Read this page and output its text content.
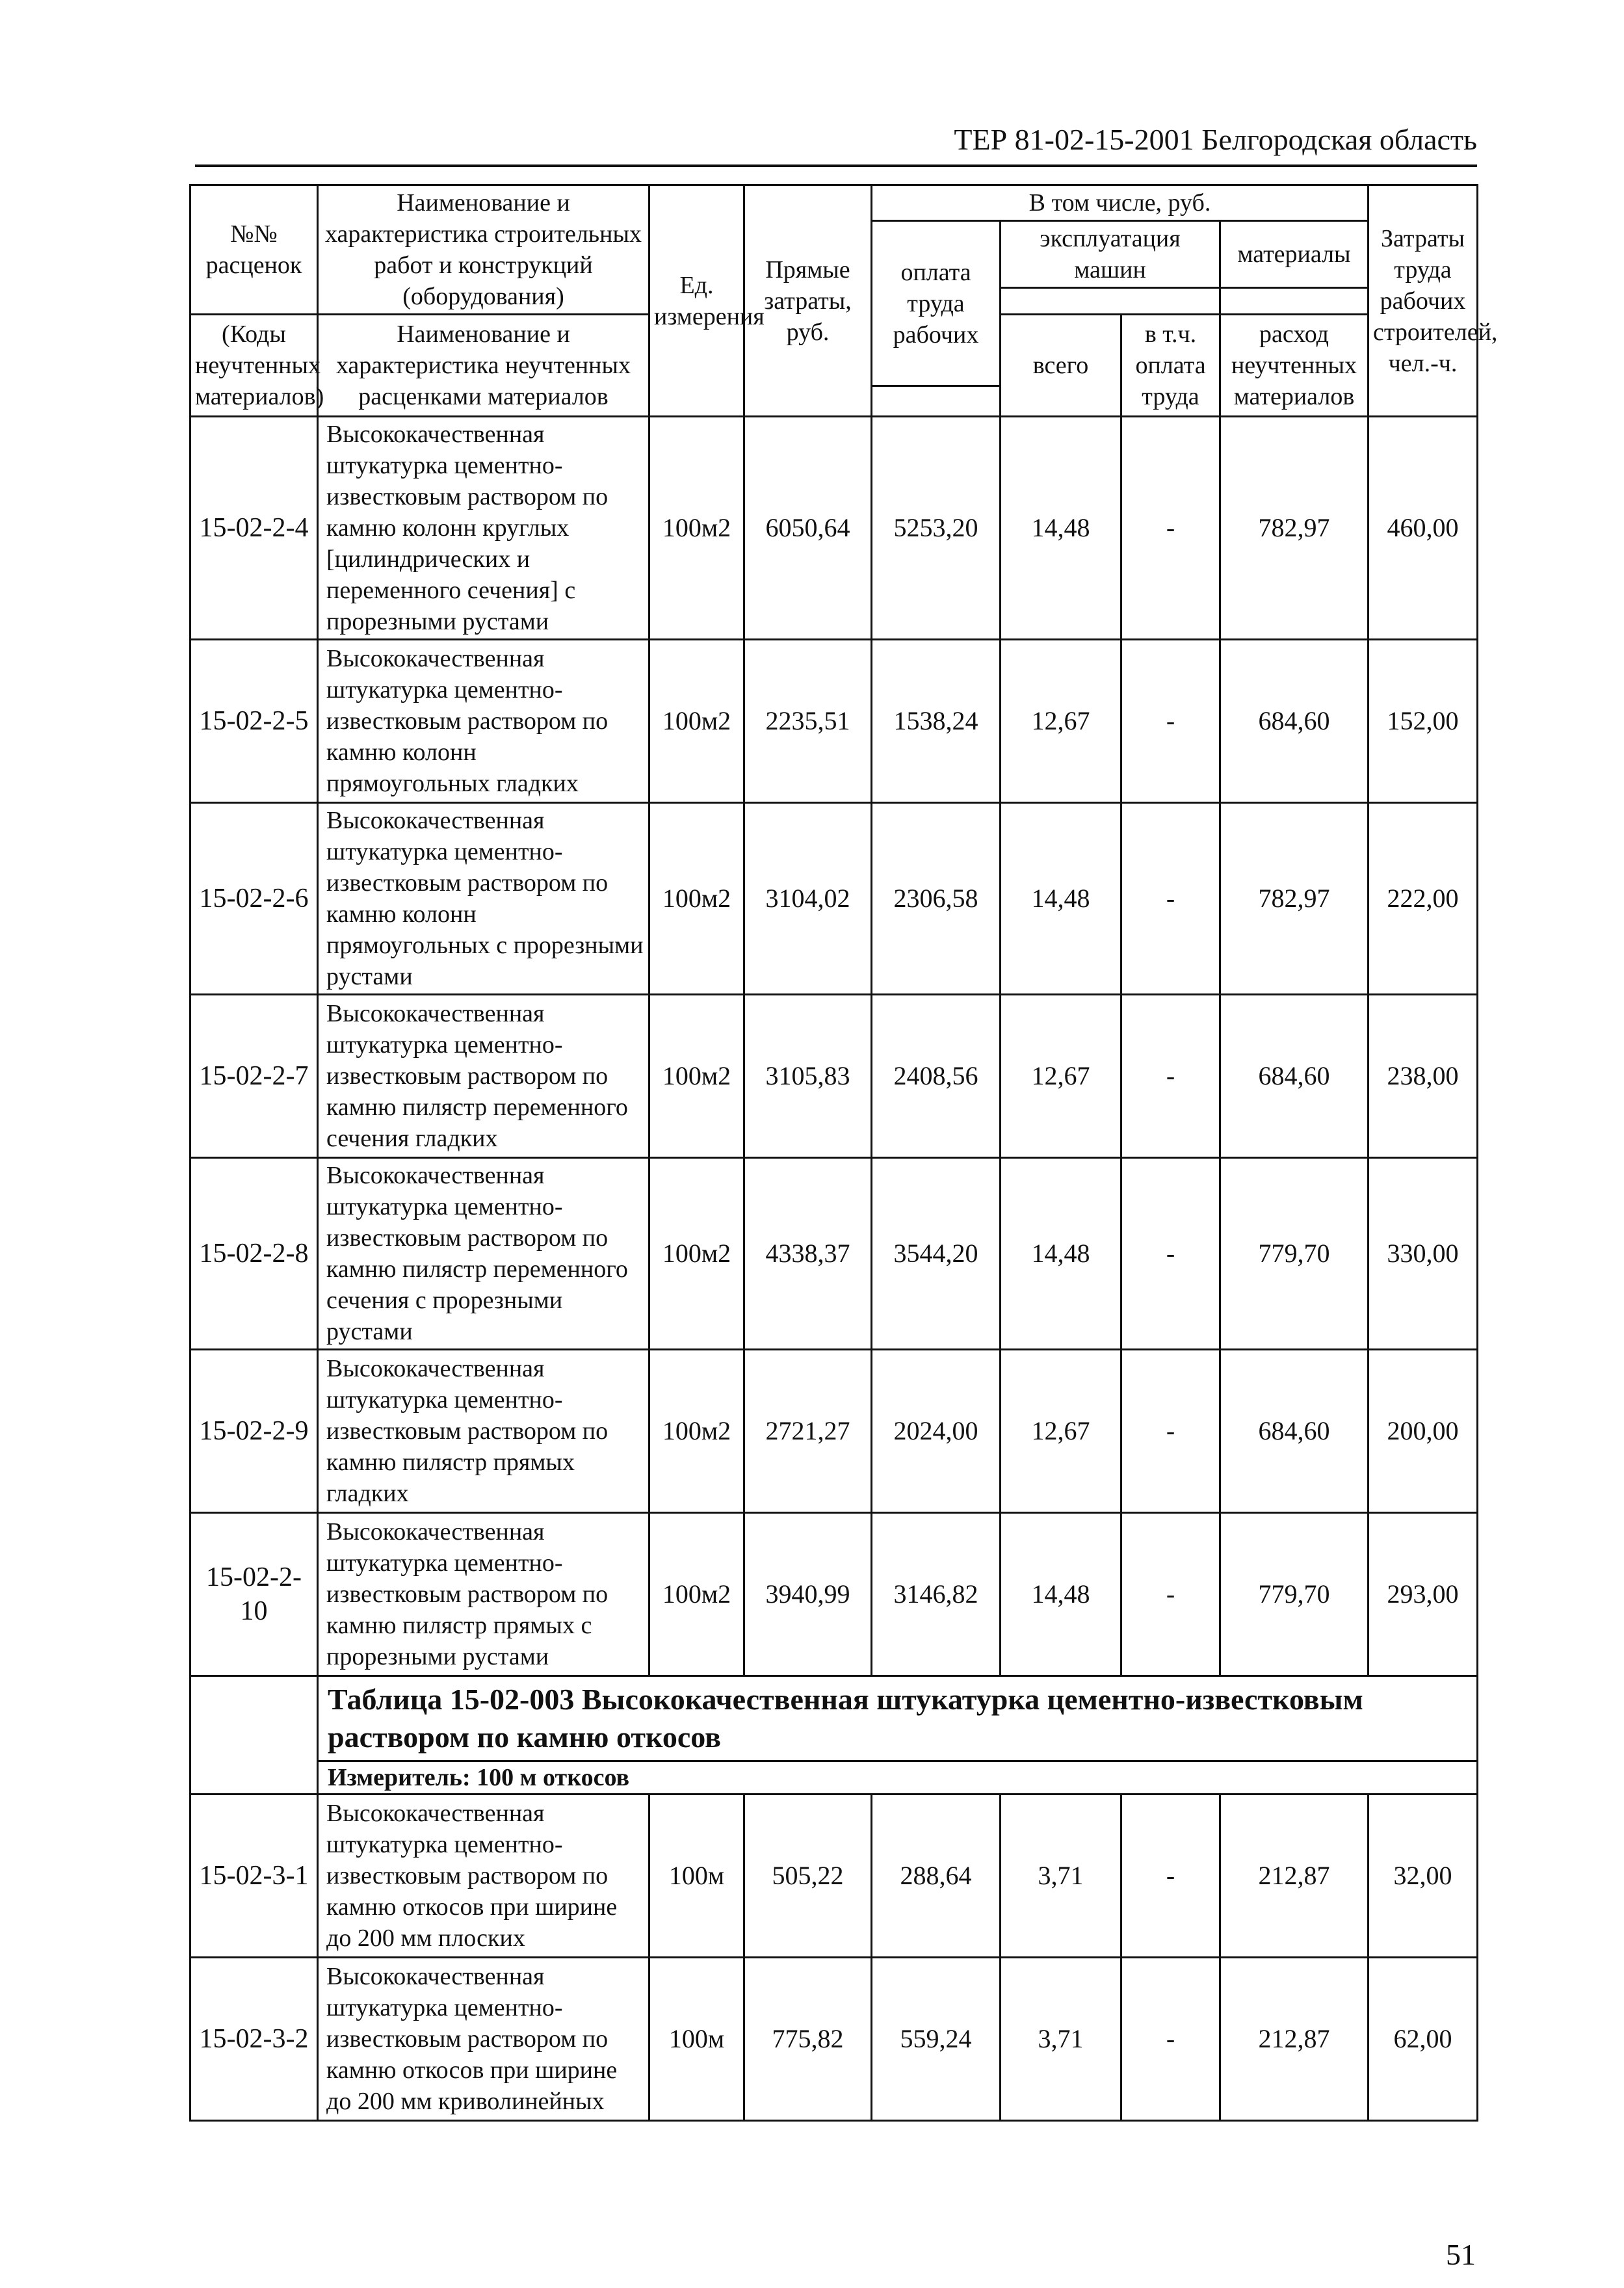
ТЕР 81-02-15-2001 Белгородская область
№№ расценок	Наименование и характеристика строительных работ и конструкций (оборудования)	Ед. измерения	Прямые затраты, руб.	В том числе, руб.				Затраты труда рабочих строителей, чел.-ч.
				оплата труда рабочих	эксплуатация машин		материалы	

(Коды неучтенных материалов)	Наименование и характеристика неучтенных расценками материалов				всего	в т.ч. оплата труда	расход неучтенных материалов	

15-02-2-4	Высококачественная штукатурка цементно-известковым раствором по камню колонн круглых [цилиндрических и переменного сечения] с прорезными рустами	100м2	6050,64	5253,20	14,48	-	782,97	460,00
15-02-2-5	Высококачественная штукатурка цементно-известковым раствором по камню колонн прямоугольных гладких	100м2	2235,51	1538,24	12,67	-	684,60	152,00
15-02-2-6	Высококачественная штукатурка цементно-известковым раствором по камню колонн прямоугольных с прорезными рустами	100м2	3104,02	2306,58	14,48	-	782,97	222,00
15-02-2-7	Высококачественная штукатурка цементно-известковым раствором по камню пилястр переменного сечения гладких	100м2	3105,83	2408,56	12,67	-	684,60	238,00
15-02-2-8	Высококачественная штукатурка цементно-известковым раствором по камню пилястр переменного сечения с прорезными рустами	100м2	4338,37	3544,20	14,48	-	779,70	330,00
15-02-2-9	Высококачественная штукатурка цементно-известковым раствором по камню пилястр прямых гладких	100м2	2721,27	2024,00	12,67	-	684,60	200,00
15-02-2-10	Высококачественная штукатурка цементно-известковым раствором по камню пилястр прямых с прорезными рустами	100м2	3940,99	3146,82	14,48	-	779,70	293,00
	Таблица 15-02-003 Высококачественная штукатурка цементно-известковым раствором по камню откосов							
	Измеритель: 100 м откосов							
15-02-3-1	Высококачественная штукатурка цементно-известковым раствором по камню откосов при ширине до 200 мм плоских	100м	505,22	288,64	3,71	-	212,87	32,00
15-02-3-2	Высококачественная штукатурка цементно-известковым раствором по камню откосов при ширине до 200 мм криволинейных	100м	775,82	559,24	3,71	-	212,87	62,00
51
